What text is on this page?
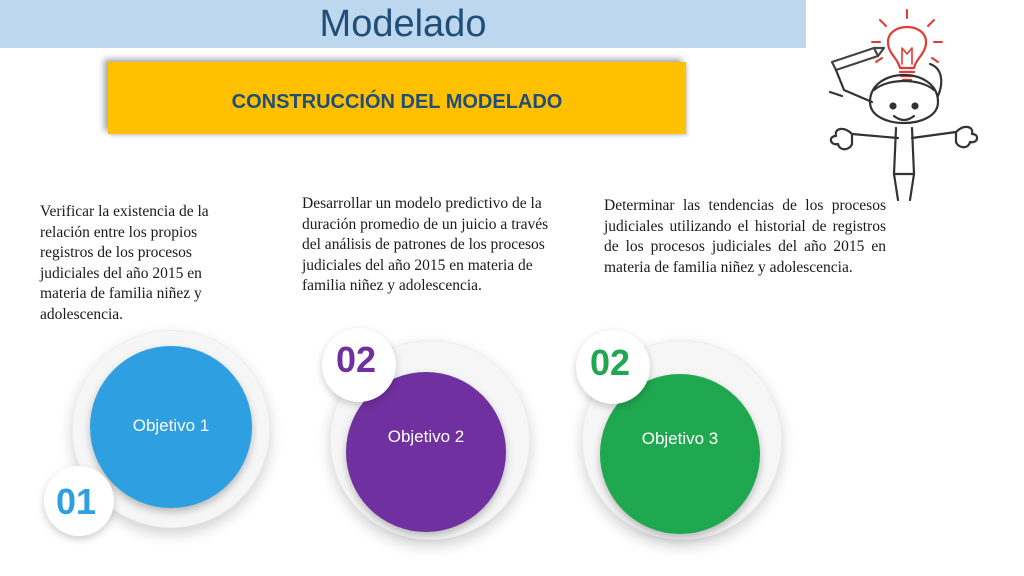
Modelado
CONSTRUCCIÓN DEL MODELADO
Verificar la existencia de la relación entre los propios registros de los procesos judiciales del año 2015 en materia de familia niñez y adolescencia.
Desarrollar un modelo predictivo de la duración promedio de un juicio a través del análisis de patrones de los procesos judiciales del año 2015 en materia de familia niñez y adolescencia.
Determinar las tendencias de los procesos judiciales utilizando el historial de registros de los procesos judiciales del año 2015 en materia de familia niñez y adolescencia.
Objetivo 1
01
Objetivo 2
02
Objetivo 3
02
